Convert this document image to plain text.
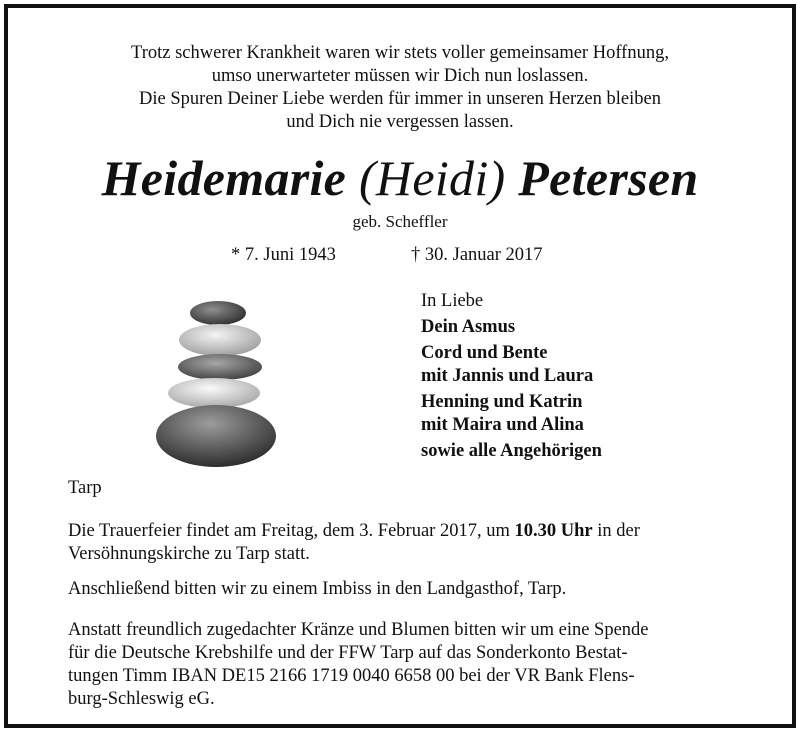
Trotz schwerer Krankheit waren wir stets voller gemeinsamer Hoffnung,
umso unerwarteter müssen wir Dich nun loslassen.
Die Spuren Deiner Liebe werden für immer in unseren Herzen bleiben
und Dich nie vergessen lassen.
Heidemarie (Heidi) Petersen
geb. Scheffler
* 7. Juni 1943	† 30. Januar 2017
In Liebe
Dein Asmus
Cord und Bente
mit Jannis und Laura
Henning und Katrin
mit Maira und Alina
sowie alle Angehörigen
Tarp
Die Trauerfeier findet am Freitag, dem 3. Februar 2017, um 10.30 Uhr in der
Versöhnungskirche zu Tarp statt.
Anschließend bitten wir zu einem Imbiss in den Landgasthof, Tarp.
Anstatt freundlich zugedachter Kränze und Blumen bitten wir um eine Spende
für die Deutsche Krebshilfe und der FFW Tarp auf das Sonderkonto Bestat-
tungen Timm IBAN DE15 2166 1719 0040 6658 00 bei der VR Bank Flens-
burg-Schleswig eG.
